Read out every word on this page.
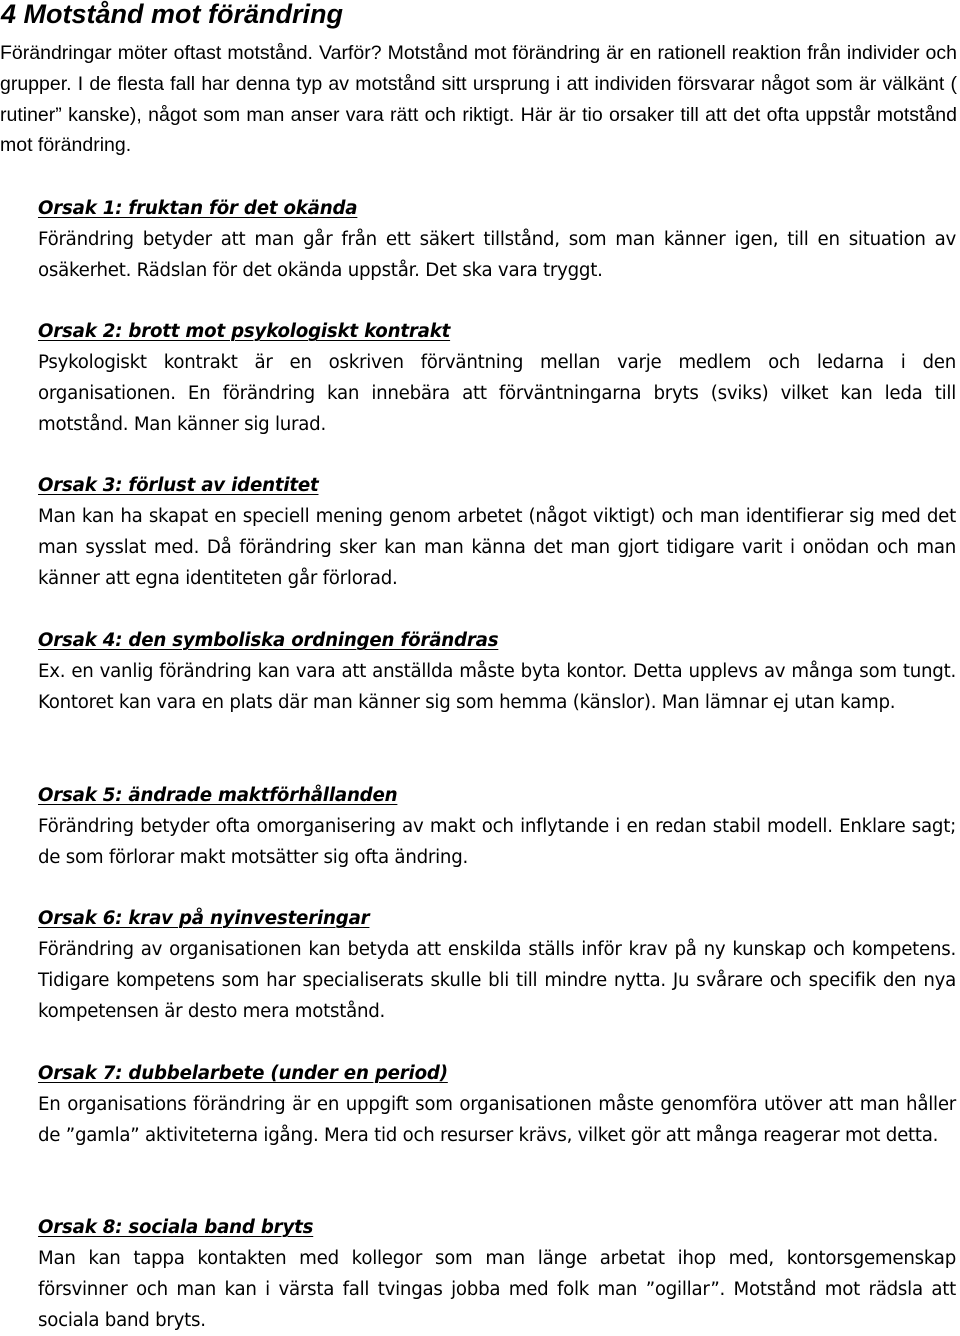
4 Motstånd mot förändring

Förändringar möter oftast motstånd. Varför? Motstånd mot förändring är en rationell reaktion från individer och grupper. I de flesta fall har denna typ av motstånd sitt ursprung i att individen försvarar något som är välkänt ( rutiner” kanske), något som man anser vara rätt och riktigt. Här är tio orsaker till att det ofta uppstår motstånd mot förändring.

Orsak 1: fruktan för det okända

Förändring betyder att man går från ett säkert tillstånd, som man känner igen, till en situation av osäkerhet. Rädslan för det okända uppstår. Det ska vara tryggt.

Orsak 2: brott mot psykologiskt kontrakt

Psykologiskt kontrakt är en oskriven förväntning mellan varje medlem och ledarna i den organisationen. En förändring kan innebära att förväntningarna bryts (sviks) vilket kan leda till motstånd. Man känner sig lurad.

Orsak 3: förlust av identitet

Man kan ha skapat en speciell mening genom arbetet (något viktigt) och man identifierar sig med det man sysslat med. Då förändring sker kan man känna det man gjort tidigare varit i onödan och man känner att egna identiteten går förlorad.

Orsak 4: den symboliska ordningen förändras

Ex. en vanlig förändring kan vara att anställda måste byta kontor. Detta upplevs av många som tungt. Kontoret kan vara en plats där man känner sig som hemma (känslor). Man lämnar ej utan kamp.

Orsak 5: ändrade maktförhållanden

Förändring betyder ofta omorganisering av makt och inflytande i en redan stabil modell. Enklare sagt; de som förlorar makt motsätter sig ofta ändring.

Orsak 6: krav på nyinvesteringar

Förändring av organisationen kan betyda att enskilda ställs inför krav på ny kunskap och kompetens. Tidigare kompetens som har specialiserats skulle bli till mindre nytta. Ju svårare och specifik den nya kompetensen är desto mera motstånd.

Orsak 7: dubbelarbete (under en period)

En organisations förändring är en uppgift som organisationen måste genomföra utöver att man håller de ”gamla” aktiviteterna igång. Mera tid och resurser krävs, vilket gör att många reagerar mot detta.

Orsak 8: sociala band bryts

Man kan tappa kontakten med kollegor som man länge arbetat ihop med, kontorsgemenskap försvinner och man kan i värsta fall tvingas jobba med folk man ”ogillar”. Motstånd mot rädsla att sociala band bryts.
